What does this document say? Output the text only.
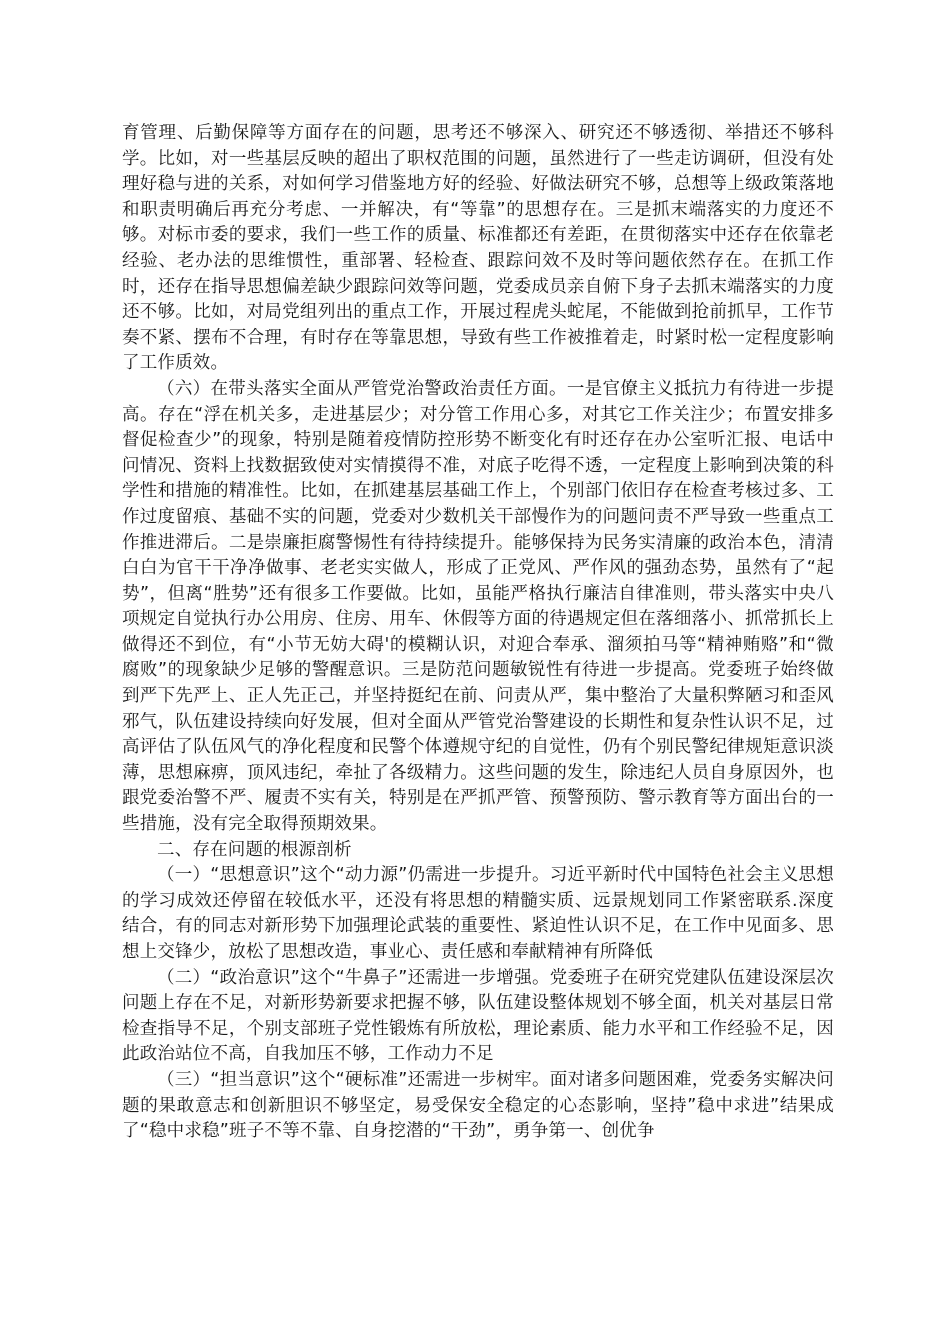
育管理、后勤保障等方面存在的问题，思考还不够深入、研究还不够透彻、举措还不够科学。比如，对一些基层反映的超出了职权范围的问题，虽然进行了一些走访调研，但没有处理好稳与进的关系，对如何学习借鉴地方好的经验、好做法研究不够，总想等上级政策落地和职责明确后再充分考虑、一并解决，有“等靠”的思想存在。三是抓末端落实的力度还不够。对标市委的要求，我们一些工作的质量、标准都还有差距，在贯彻落实中还存在依靠老经验、老办法的思维惯性，重部署、轻检查、跟踪问效不及时等问题依然存在。在抓工作时，还存在指导思想偏差缺少跟踪问效等问题，党委成员亲自俯下身子去抓末端落实的力度还不够。比如，对局党组列出的重点工作，开展过程虎头蛇尾，不能做到抢前抓早，工作节奏不紧、摆布不合理，有时存在等靠思想，导致有些工作被推着走，时紧时松一定程度影响了工作质效。

（六）在带头落实全面从严管党治警政治责任方面。一是官僚主义抵抗力有待进一步提高。存在“浮在机关多，走进基层少；对分管工作用心多，对其它工作关注少；布置安排多督促检查少”的现象，特别是随着疫情防控形势不断变化有时还存在办公室听汇报、电话中问情况、资料上找数据致使对实情摸得不准，对底子吃得不透，一定程度上影响到决策的科学性和措施的精准性。比如，在抓建基层基础工作上，个别部门依旧存在检查考核过多、工作过度留痕、基础不实的问题，党委对少数机关干部慢作为的问题问责不严导致一些重点工作推进滞后。二是崇廉拒腐警惕性有待持续提升。能够保持为民务实清廉的政治本色，清清白白为官干干净净做事、老老实实做人，形成了正党风、严作风的强劲态势，虽然有了“起势”，但离“胜势”还有很多工作要做。比如，虽能严格执行廉洁自律准则，带头落实中央八项规定自觉执行办公用房、住房、用车、休假等方面的待遇规定但在落细落小、抓常抓长上做得还不到位，有“小节无妨大碍'的模糊认识，对迎合奉承、溜须拍马等“精神贿赂”和“微腐败”的现象缺少足够的警醒意识。三是防范问题敏锐性有待进一步提高。党委班子始终做到严下先严上、正人先正己，并坚持挺纪在前、问责从严，集中整治了大量积弊陋习和歪风邪气，队伍建设持续向好发展，但对全面从严管党治警建设的长期性和复杂性认识不足，过高评估了队伍风气的净化程度和民警个体遵规守纪的自觉性，仍有个别民警纪律规矩意识淡薄，思想麻痹，顶风违纪，牵扯了各级精力。这些问题的发生，除违纪人员自身原因外，也跟党委治警不严、履责不实有关，特别是在严抓严管、预警预防、警示教育等方面出台的一些措施，没有完全取得预期效果。

二、存在问题的根源剖析

（一）“思想意识”这个“动力源”仍需进一步提升。习近平新时代中国特色社会主义思想的学习成效还停留在较低水平，还没有将思想的精髓实质、远景规划同工作紧密联系.深度结合，有的同志对新形势下加强理论武装的重要性、紧迫性认识不足，在工作中见面多、思想上交锋少，放松了思想改造，事业心、责任感和奉献精神有所降低

（二）“政治意识”这个“牛鼻子”还需进一步增强。党委班子在研究党建队伍建设深层次问题上存在不足，对新形势新要求把握不够，队伍建设整体规划不够全面，机关对基层日常检查指导不足，个别支部班子党性锻炼有所放松，理论素质、能力水平和工作经验不足，因此政治站位不高，自我加压不够，工作动力不足

（三）“担当意识”这个“硬标准”还需进一步树牢。面对诸多问题困难，党委务实解决问题的果敢意志和创新胆识不够坚定，易受保安全稳定的心态影响，坚持”稳中求进”结果成了“稳中求稳”班子不等不靠、自身挖潜的“干劲”，勇争第一、创优争
